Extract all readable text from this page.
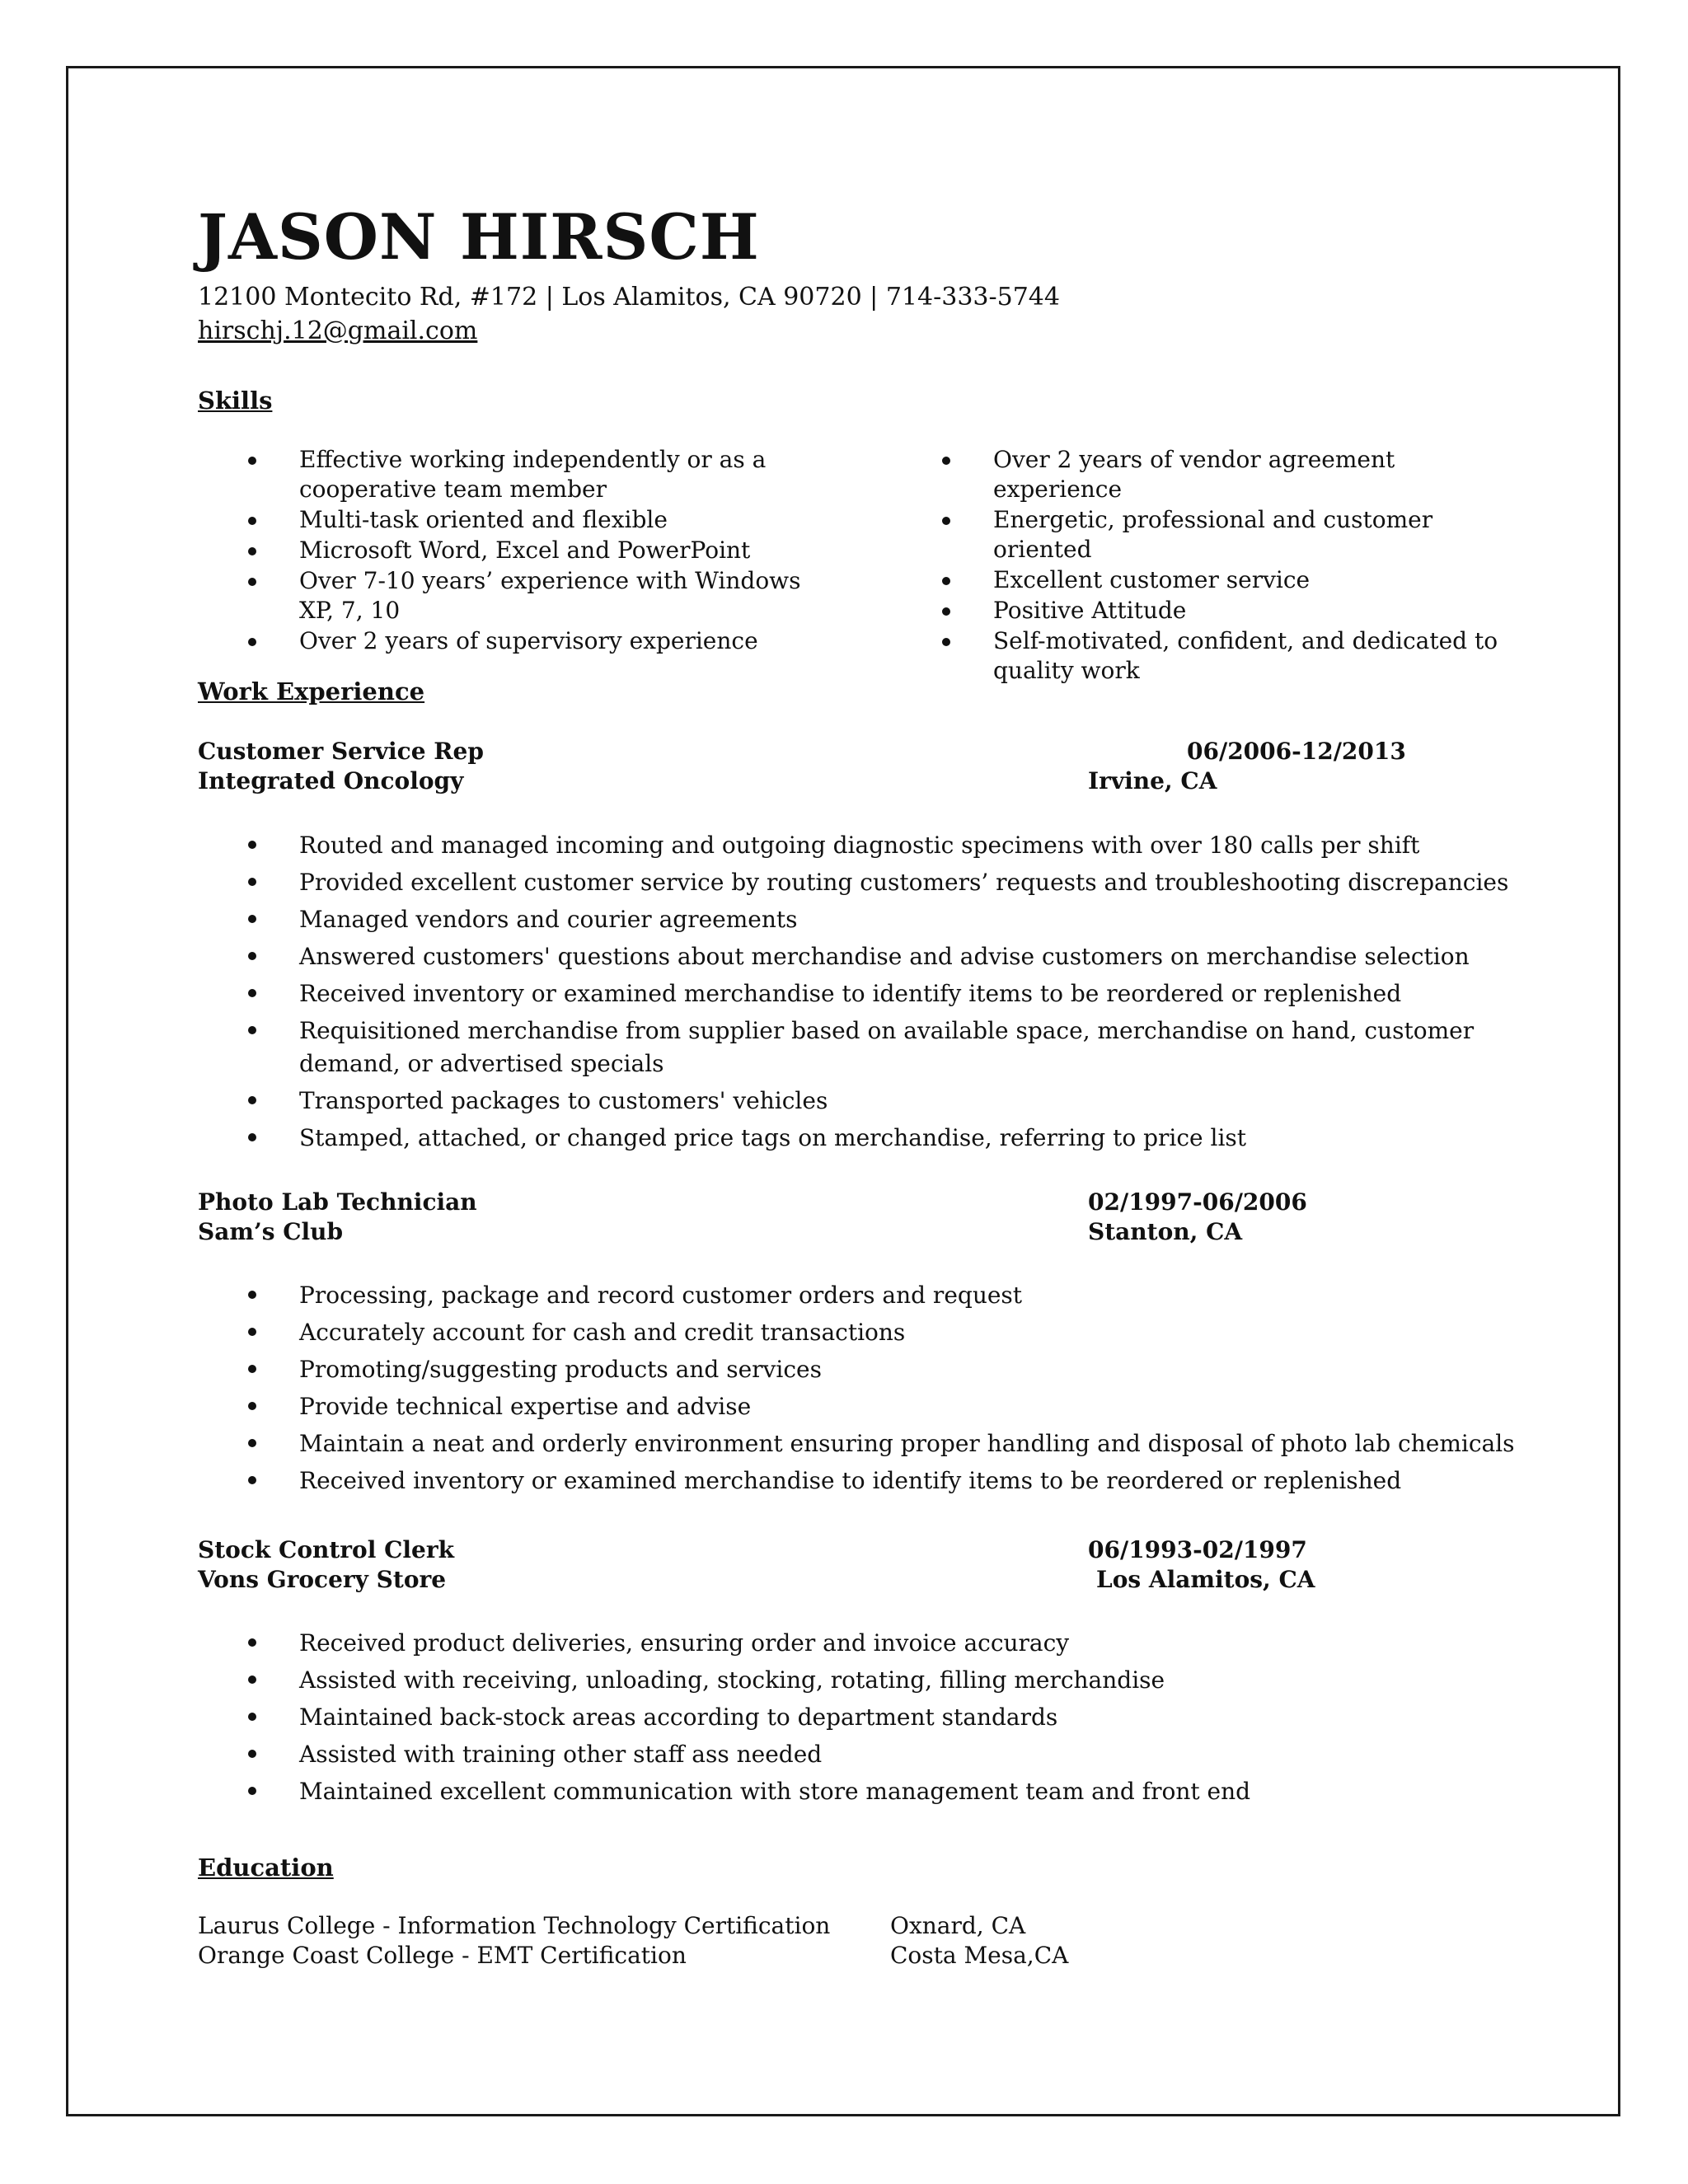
JASON HIRSCH
12100 Montecito Rd, #172 | Los Alamitos, CA 90720 | 714-333-5744
hirschj.12@gmail.com
Skills
Effective working independently or as a cooperative team member
Multi-task oriented and flexible
Microsoft Word, Excel and PowerPoint
Over 7-10 years’ experience with Windows XP, 7, 10
Over 2 years of supervisory experience
Over 2 years of vendor agreement experience
Energetic, professional and customer oriented
Excellent customer service
Positive Attitude
Self-motivated, confident, and dedicated to quality work
Work Experience
Customer Service Rep	06/2006-12/2013
Integrated Oncology	Irvine, CA
Routed and managed incoming and outgoing diagnostic specimens with over 180 calls per shift
Provided excellent customer service by routing customers’ requests and troubleshooting discrepancies
Managed vendors and courier agreements
Answered customers' questions about merchandise and advise customers on merchandise selection
Received inventory or examined merchandise to identify items to be reordered or replenished
Requisitioned merchandise from supplier based on available space, merchandise on hand, customer demand, or advertised specials
Transported packages to customers' vehicles
Stamped, attached, or changed price tags on merchandise, referring to price list
Photo Lab Technician	02/1997-06/2006
Sam’s Club	Stanton, CA
Processing, package and record customer orders and request
Accurately account for cash and credit transactions
Promoting/suggesting products and services
Provide technical expertise and advise
Maintain a neat and orderly environment ensuring proper handling and disposal of photo lab chemicals
Received inventory or examined merchandise to identify items to be reordered or replenished
Stock Control Clerk	06/1993-02/1997
Vons Grocery Store	Los Alamitos, CA
Received product deliveries, ensuring order and invoice accuracy
Assisted with receiving, unloading, stocking, rotating, filling merchandise
Maintained back-stock areas according to department standards
Assisted with training other staff ass needed
Maintained excellent communication with store management team and front end
Education
Laurus College - Information Technology Certification	Oxnard, CA
Orange Coast College - EMT Certification	Costa Mesa,CA
